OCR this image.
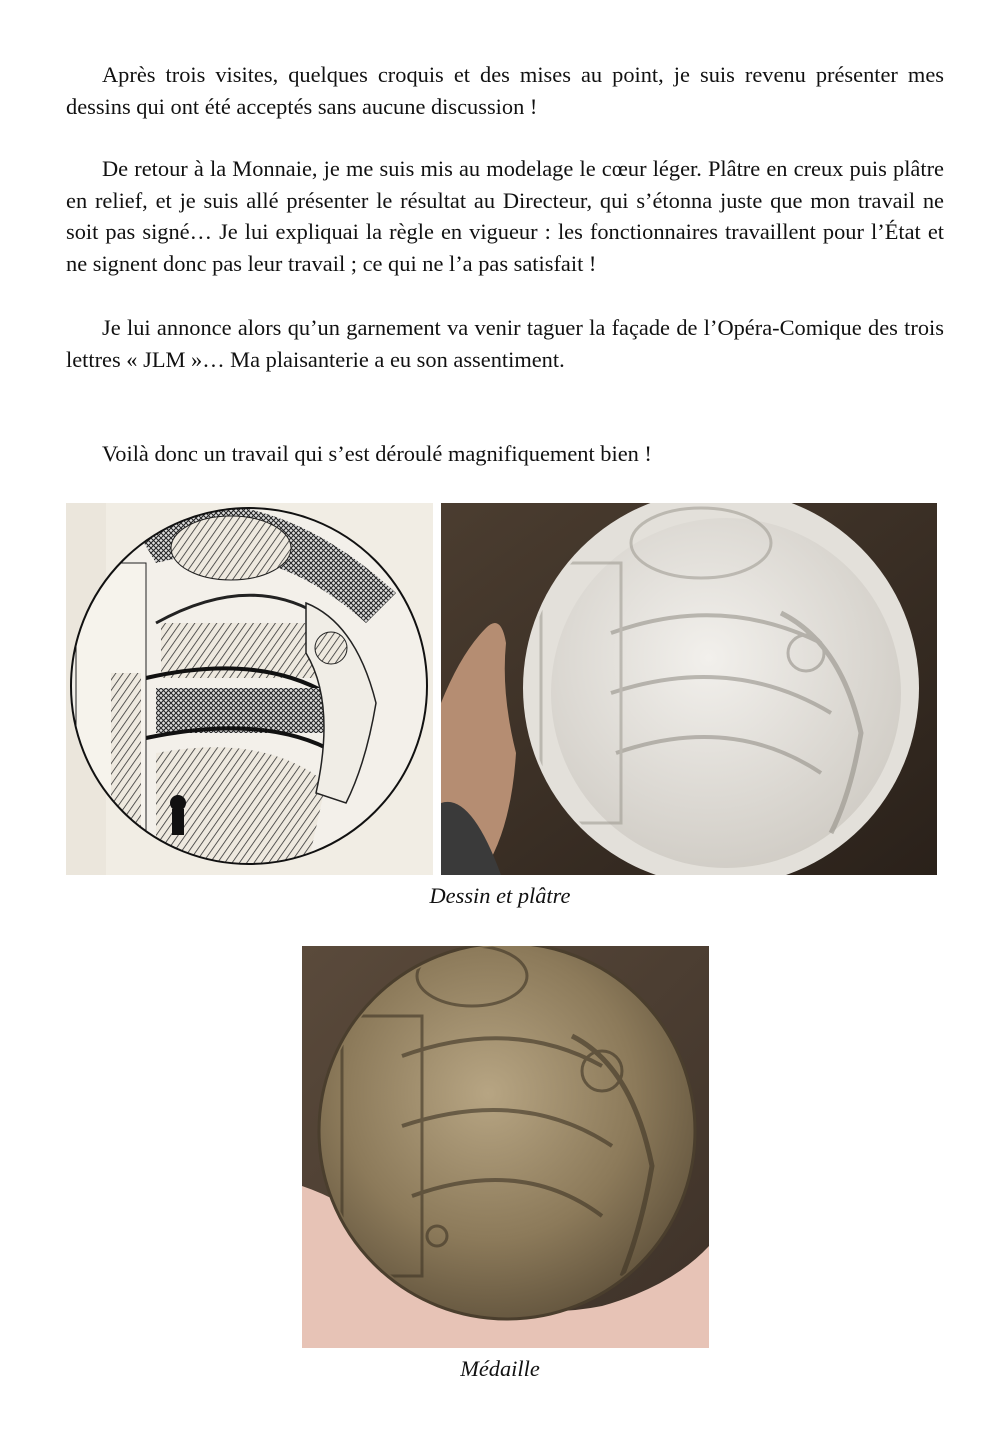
Après trois visites, quelques croquis et des mises au point, je suis revenu présenter mes dessins qui ont été acceptés sans aucune discussion !

De retour à la Monnaie, je me suis mis au modelage le cœur léger. Plâtre en creux puis plâtre en relief, et je suis allé présenter le résultat au Directeur, qui s’étonna juste que mon travail ne soit pas signé… Je lui expliquai la règle en vigueur : les fonctionnaires travaillent pour l’État et ne signent donc pas leur travail ; ce qui ne l’a pas satisfait !

Je lui annonce alors qu’un garnement va venir taguer la façade de l’Opéra-Comique des trois lettres « JLM »… Ma plaisanterie a eu son assentiment.

Voilà donc un travail qui s’est déroulé magnifiquement bien !

Dessin et plâtre
Médaille
